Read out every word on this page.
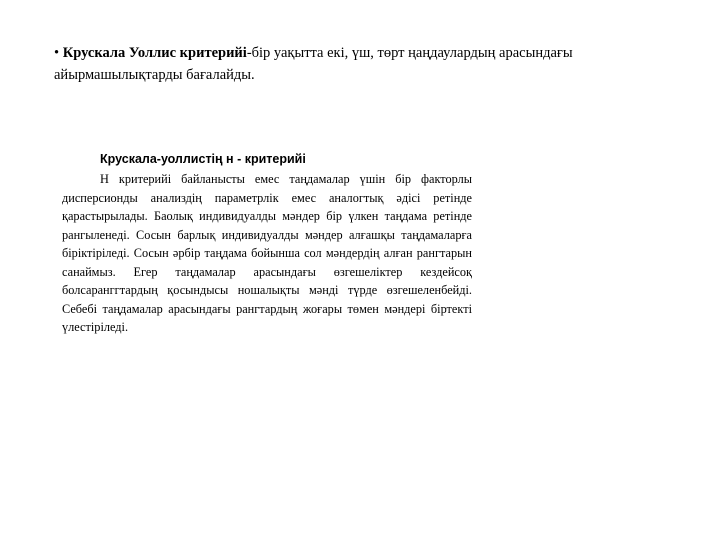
• Крускала Уоллис критерийі-бір уақытта екі, үш, төрт ңаңдаулардың арасындағы айырмашылықтарды бағалайды.
Крускала-уоллистің н - критерийі

Н критерийі байланысты емес таңдамалар үшін бір факторлы дисперсионды анализдің параметрлік емес аналогтық әдісі ретінде қарастырылады. Баолық индивидуалды мәндер бір үлкен таңдама ретінде рангыленеді. Сосын барлық индивидуалды мәндер алғашқы таңдамаларға біріктіріледі. Сосын әрбір таңдама бойынша сол мәндердің алған рангтарын санаймыз. Егер таңдамалар арасындағы өзгешеліктер кездейсоқ болсаранггтардың қосындысы ношалықты мәнді түрде өзгешеленбейді. Себебі таңдамалар арасындағы рангтардың жоғары төмен мәндері біртекті үлестіріледі.
